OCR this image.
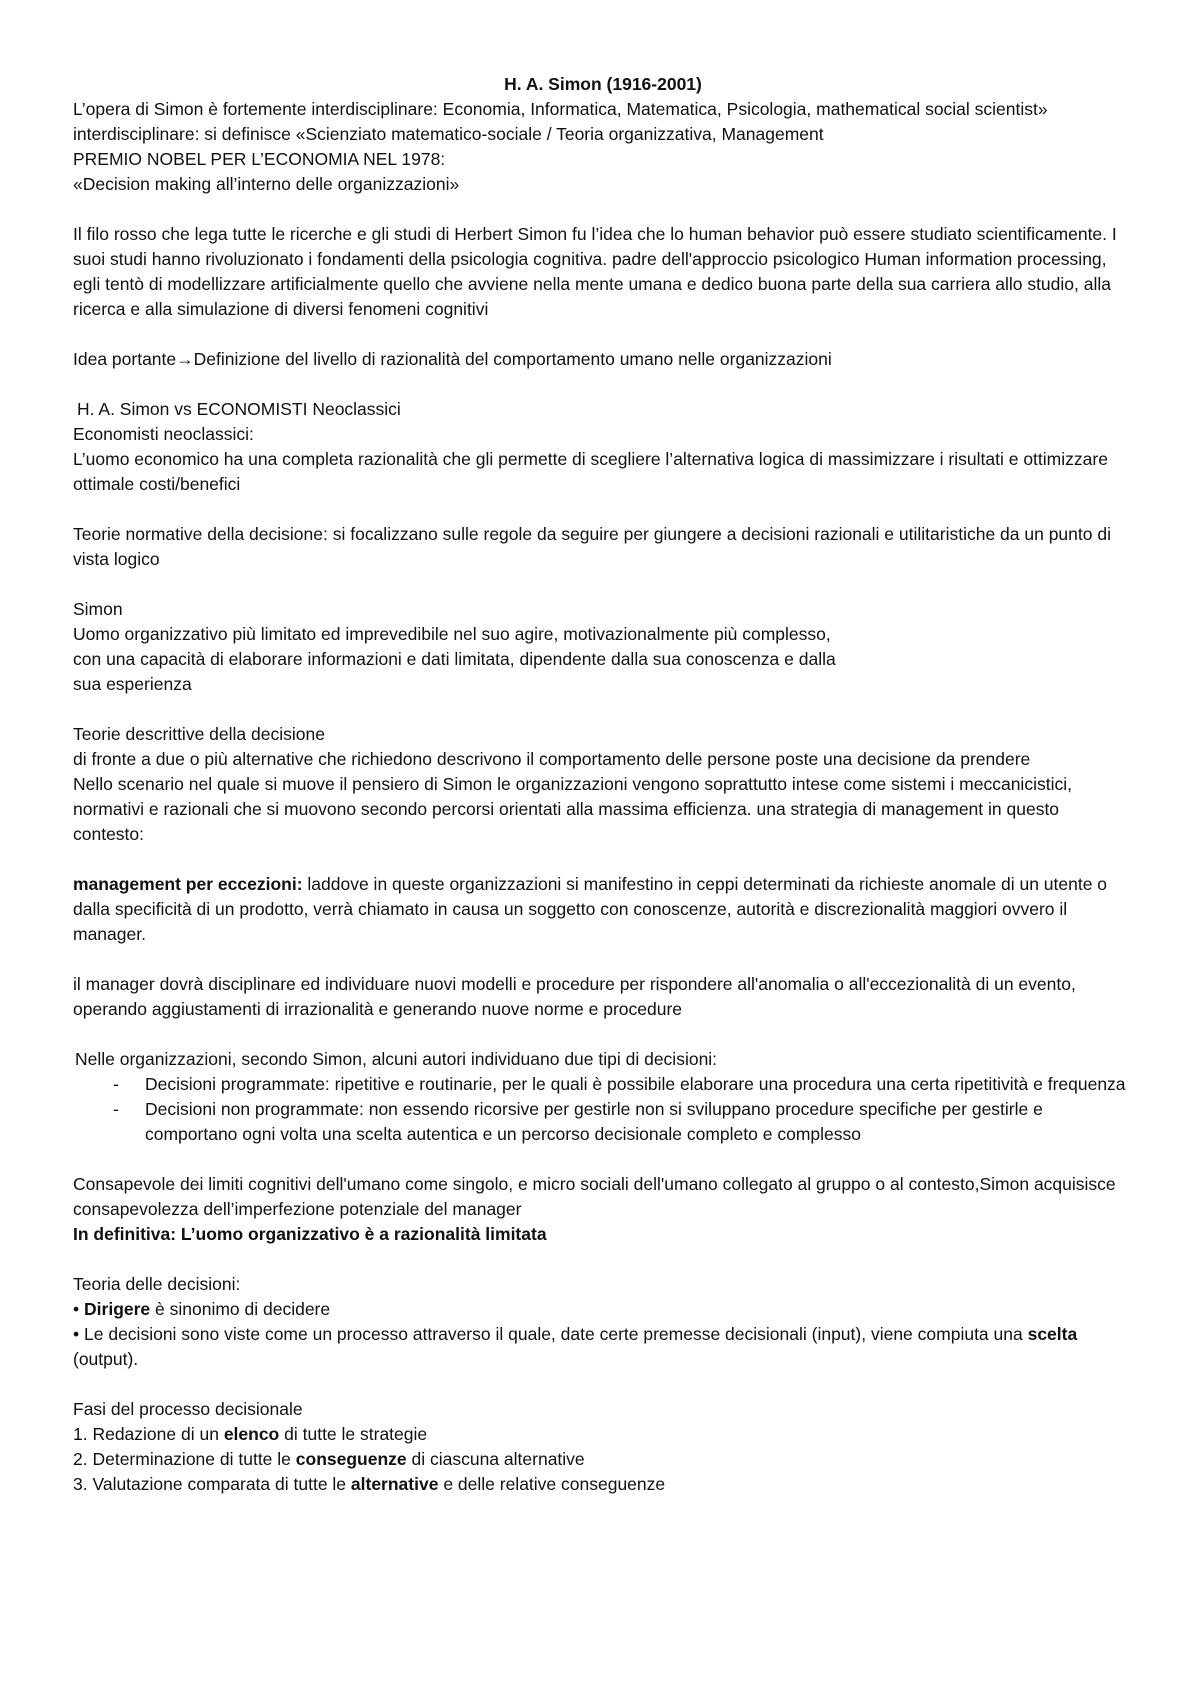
H. A. Simon (1916-2001)

L’opera di Simon è fortemente interdisciplinare: Economia, Informatica, Matematica, Psicologia, mathematical social scientist» interdisciplinare: si definisce «Scienziato matematico-sociale / Teoria organizzativa, Management

PREMIO NOBEL PER L’ECONOMIA NEL 1978:

«Decision making all’interno delle organizzazioni»

Il filo rosso che lega tutte le ricerche e gli studi di Herbert Simon fu l’idea che lo human behavior può essere studiato scientificamente. I suoi studi hanno rivoluzionato i fondamenti della psicologia cognitiva. padre dell'approccio psicologico Human information processing, egli tentò di modellizzare artificialmente quello che avviene nella mente umana e dedico buona parte della sua carriera allo studio, alla ricerca e alla simulazione di diversi fenomeni cognitivi

Idea portante→Definizione del livello di razionalità del comportamento umano nelle organizzazioni

H. A. Simon vs ECONOMISTI Neoclassici

Economisti neoclassici:

L’uomo economico ha una completa razionalità che gli permette di scegliere l’alternativa logica di massimizzare i risultati e ottimizzare ottimale costi/benefici

Teorie normative della decisione: si focalizzano sulle regole da seguire per giungere a decisioni razionali e utilitaristiche da un punto di vista logico

Simon

Uomo organizzativo più limitato ed imprevedibile nel suo agire, motivazionalmente più complesso,

con una capacità di elaborare informazioni e dati limitata, dipendente dalla sua conoscenza e dalla

sua esperienza

Teorie descrittive della decisione

di fronte a due o più alternative che richiedono descrivono il comportamento delle persone poste una decisione da prendere

Nello scenario nel quale si muove il pensiero di Simon le organizzazioni vengono soprattutto intese come sistemi i meccanicistici, normativi e razionali che si muovono secondo percorsi orientati alla massima efficienza. una strategia di management in questo contesto:

management per eccezioni: laddove in queste organizzazioni si manifestino in ceppi determinati da richieste anomale di un utente o dalla specificità di un prodotto, verrà chiamato in causa un soggetto con conoscenze, autorità e discrezionalità maggiori ovvero il manager.

il manager dovrà disciplinare ed individuare nuovi modelli e procedure per rispondere all'anomalia o all'eccezionalità di un evento, operando aggiustamenti di irrazionalità e generando nuove norme e procedure

Nelle organizzazioni, secondo Simon, alcuni autori individuano due tipi di decisioni:

- Decisioni programmate: ripetitive e routinarie, per le quali è possibile elaborare una procedura una certa ripetitività e frequenza
- Decisioni non programmate: non essendo ricorsive per gestirle non si sviluppano procedure specifiche per gestirle e comportano ogni volta una scelta autentica e un percorso decisionale completo e complesso

Consapevole dei limiti cognitivi dell'umano come singolo, e micro sociali dell'umano collegato al gruppo o al contesto,Simon acquisisce consapevolezza dell’imperfezione potenziale del manager

In definitiva: L’uomo organizzativo è a razionalità limitata

Teoria delle decisioni:

• Dirigere è sinonimo di decidere

• Le decisioni sono viste come un processo attraverso il quale, date certe premesse decisionali (input), viene compiuta una scelta (output).

Fasi del processo decisionale

1. Redazione di un elenco di tutte le strategie

2. Determinazione di tutte le conseguenze di ciascuna alternative

3. Valutazione comparata di tutte le alternative e delle relative conseguenze
